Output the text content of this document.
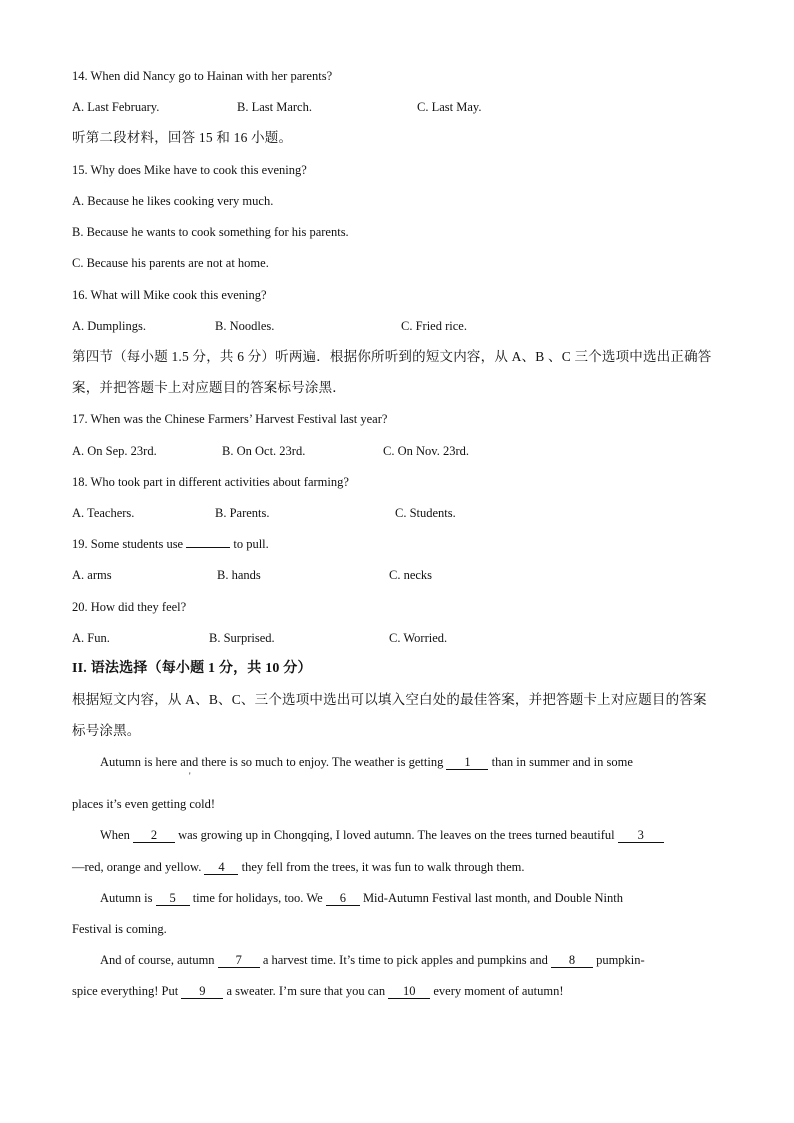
14. When did Nancy go to Hainan with her parents?
A. Last February.	B. Last March.	C. Last May.
听第二段材料，回答 15 和 16 小题。
15. Why does Mike have to cook this evening?
A. Because he likes cooking very much.
B. Because he wants to cook something for his parents.
C. Because his parents are not at home.
16. What will Mike cook this evening?
A. Dumplings.	B. Noodles.	C. Fried rice.
第四节（每小题 1.5 分，共 6 分）听两遍．根据你所听到的短文内容，从 A、B 、C 三个选项中选出正确答
案，并把答题卡上对应题目的答案标号涂黑．
17. When was the Chinese Farmers’ Harvest Festival last year?
A. On Sep. 23rd.	B. On Oct. 23rd.	C. On Nov. 23rd.
18. Who took part in different activities about farming?
A. Teachers.	B. Parents.	C. Students.
19. Some students use	to pull.
A. arms	B. hands	C. necks
20. How did they feel?
A. Fun.	B. Surprised.	C. Worried.
II. 语法选择（每小题 1 分，共 10 分）
根据短文内容，从 A、B、C、三个选项中选出可以填入空白处的最佳答案，并把答题卡上对应题目的答案
标号涂黑。
Autumn is here and there is so much to enjoy. The weather is getting 1 than in summer and in some
'
places it’s even getting cold!
When 2 was growing up in Chongqing, I loved autumn. The leaves on the trees turned beautiful 3
—red, orange and yellow. 4 they fell from the trees, it was fun to walk through them.
Autumn is 5 time for holidays, too. We 6 Mid-Autumn Festival last month, and Double Ninth
Festival is coming.
And of course, autumn 7 a harvest time. It’s time to pick apples and pumpkins and 8 pumpkin-
spice everything! Put 9 a sweater. I’m sure that you can 10 every moment of autumn!
